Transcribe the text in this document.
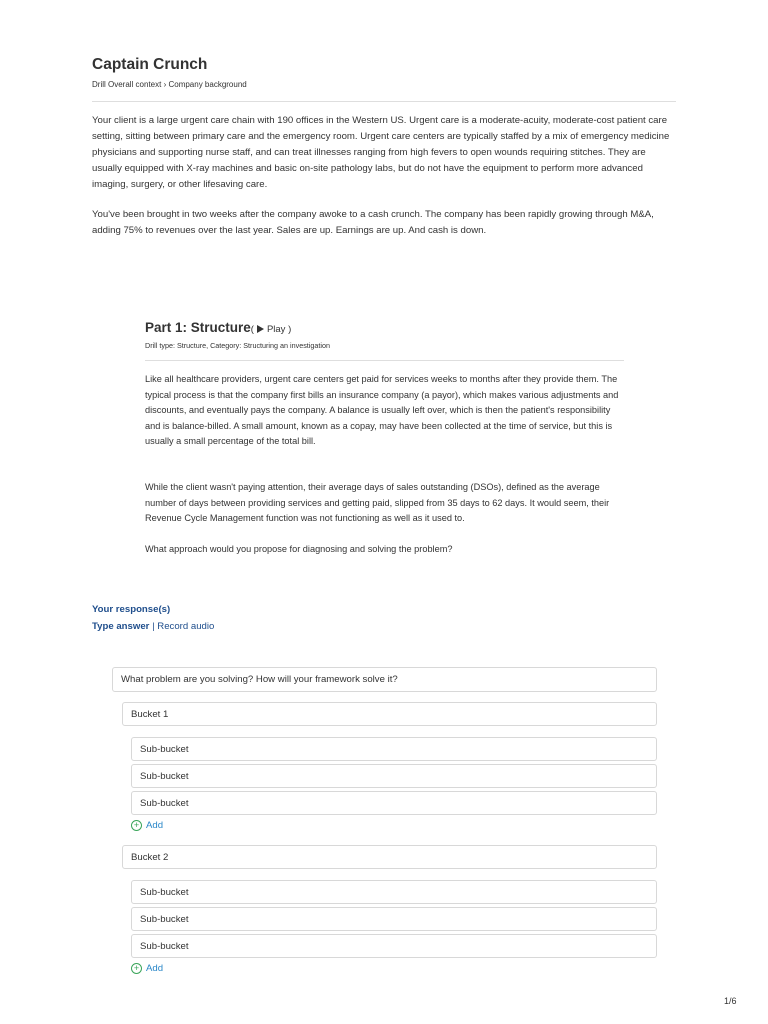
Captain Crunch
Drill Overall context › Company background

Your client is a large urgent care chain with 190 offices in the Western US. Urgent care is a moderate-acuity, moderate-cost patient care setting, sitting between primary care and the emergency room. Urgent care centers are typically staffed by a mix of emergency medicine physicians and supporting nurse staff, and can treat illnesses ranging from high fevers to open wounds requiring stitches. They are usually equipped with X-ray machines and basic on-site pathology labs, but do not have the equipment to perform more advanced imaging, surgery, or other lifesaving care.

You've been brought in two weeks after the company awoke to a cash crunch. The company has been rapidly growing through M&A, adding 75% to revenues over the last year. Sales are up. Earnings are up. And cash is down.

Part 1: Structure( Play )
Drill type: Structure, Category: Structuring an investigation

Like all healthcare providers, urgent care centers get paid for services weeks to months after they provide them. The typical process is that the company first bills an insurance company (a payor), which makes various adjustments and discounts, and eventually pays the company. A balance is usually left over, which is then the patient's responsibility and is balance-billed. A small amount, known as a copay, may have been collected at the time of service, but this is usually a small percentage of the total bill.

While the client wasn't paying attention, their average days of sales outstanding (DSOs), defined as the average number of days between providing services and getting paid, slipped from 35 days to 62 days. It would seem, their Revenue Cycle Management function was not functioning as well as it used to.

What approach would you propose for diagnosing and solving the problem?

Your response(s)
Type answer | Record audio
What problem are you solving? How will your framework solve it?
Bucket 1
Sub-bucket
Sub-bucket
Sub-bucket
+ Add
Bucket 2
Sub-bucket
Sub-bucket
Sub-bucket
+ Add
1/6
